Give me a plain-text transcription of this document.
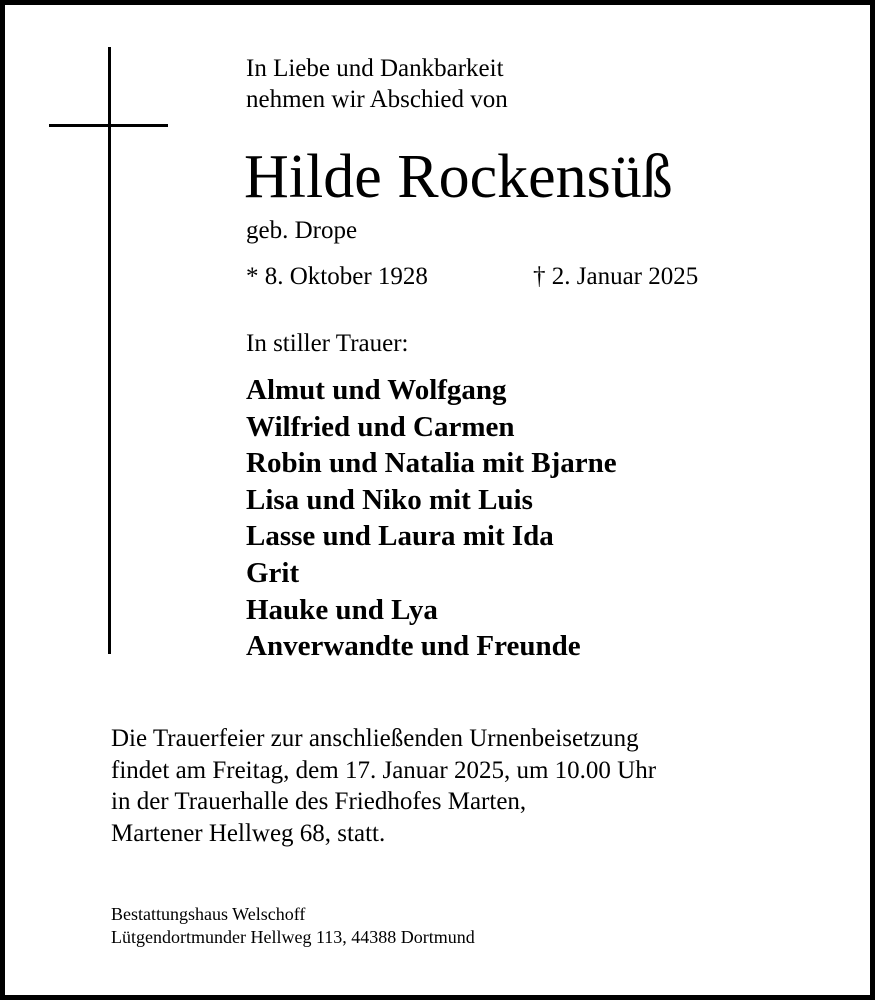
In Liebe und Dankbarkeit
nehmen wir Abschied von
Hilde Rockensüß
geb. Drope
* 8. Oktober 1928	† 2. Januar 2025
In stiller Trauer:
Almut und Wolfgang
Wilfried und Carmen
Robin und Natalia mit Bjarne
Lisa und Niko mit Luis
Lasse und Laura mit Ida
Grit
Hauke und Lya
Anverwandte und Freunde
Die Trauerfeier zur anschließenden Urnenbeisetzung
findet am Freitag, dem 17. Januar 2025, um 10.00 Uhr
in der Trauerhalle des Friedhofes Marten,
Martener Hellweg 68, statt.
Bestattungshaus Welschoff
Lütgendortmunder Hellweg 113, 44388 Dortmund
